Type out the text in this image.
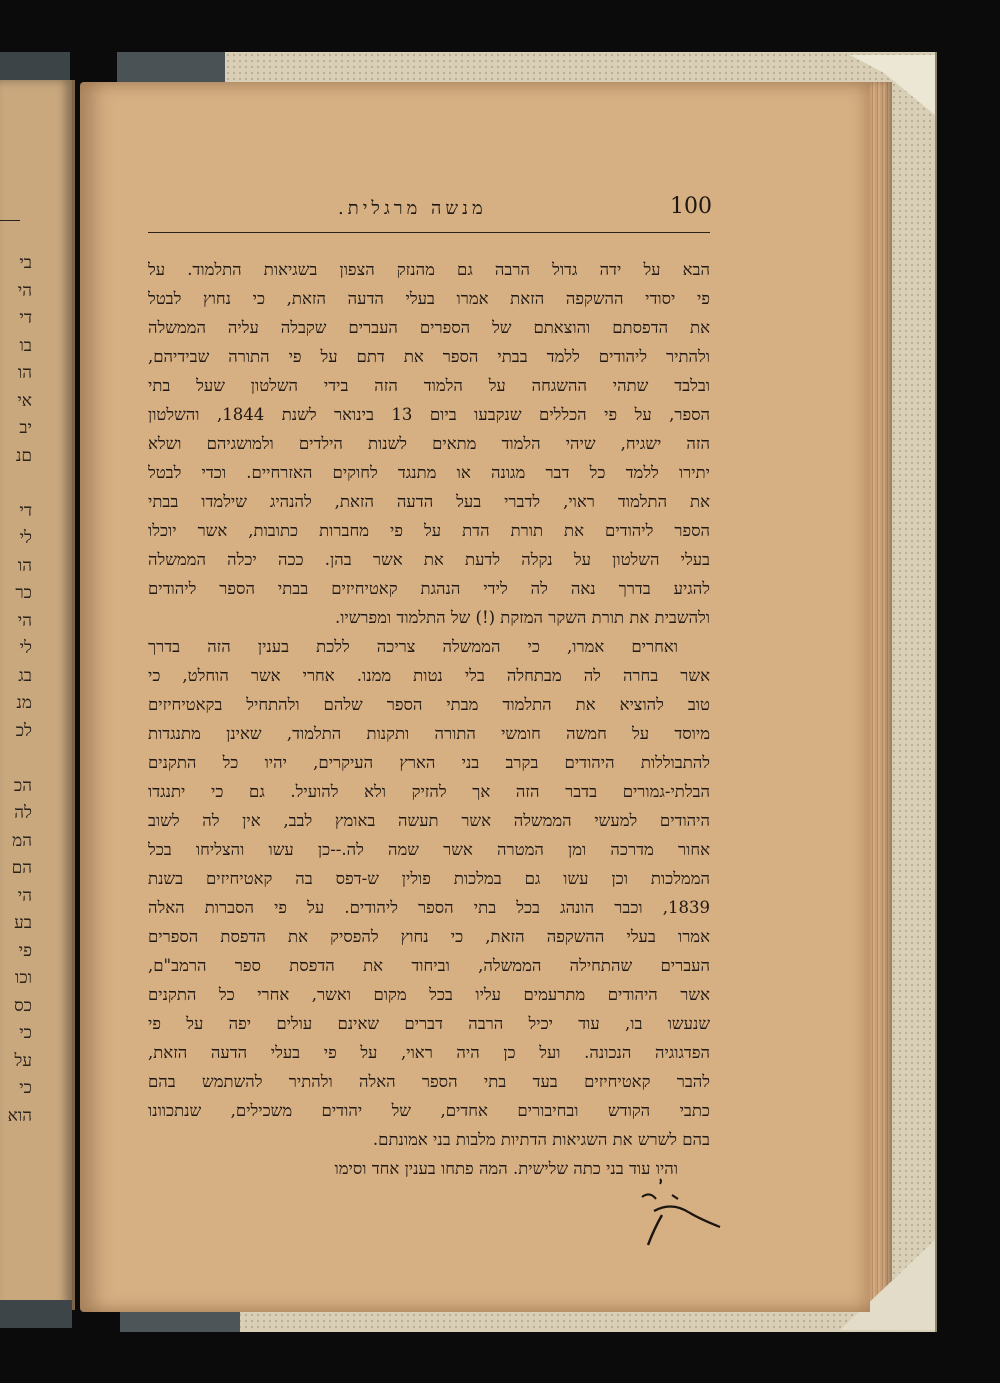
בי
הי
די
בו
הו
אי
יב
םנ
די
לי
הו
כר
הי
לי
בג
מנ
לכ
הכ
לה
המ
הם
הי
בע
פי
וכו
כס
כי
על
כי
הוא
100
מנשה מרגלית.
הבא על ידה גדול הרבה גם מהנזק הצפון בשגיאות התלמוד. על
פי יסודי ההשקפה הזאת אמרו בעלי הדעה הזאת, כי נחוץ לבטל
את הדפסתם והוצאתם של הספרים העברים שקבלה עליה הממשלה
ולהתיר ליהודים ללמד בבתי הספר את דתם על פי התורה שבידיהם,
ובלבד שתהי ההשגחה על הלמוד הזה בידי השלטון שעל בתי
הספר, על פי הכללים שנקבעו ביום 13 בינואר לשנת 1844, והשלטון
הזה ישגיח, שיהי הלמוד מתאים לשנות הילדים ולמושגיהם ושלא
יתירו ללמד כל דבר מגונה או מתנגד לחוקים האזרחיים. וכדי לבטל
את התלמוד ראוי, לדברי בעל הדעה הזאת, להנהיג שילמדו בבתי
הספר ליהודים את תורת הדת על פי מחברות כתובות, אשר יוכלו
בעלי השלטון על נקלה לדעת את אשר בהן. ככה יכלה הממשלה
להגיע בדרך נאה לה לידי הנהגת קאטיחיזים בבתי הספר ליהודים
ולהשבית את תורת השקר המזקת (!) של התלמוד ומפרשיו.
ואחרים אמרו, כי הממשלה צריכה ללכת בענין הזה בדרך
אשר בחרה לה מבתחלה בלי נטות ממנו. אחרי אשר הוחלט, כי
טוב להוציא את התלמוד מבתי הספר שלהם ולהתחיל בקאטיחיזים
מיוסד על חמשה חומשי התורה ותקנות התלמוד, שאינן מתנגדות
להתבוללות היהודים בקרב בני הארץ העיקרים, יהיו כל התקנים
הבלתי-גמורים בדבר הזה אך להזיק ולא להועיל. גם כי יתנגדו
היהודים למעשי הממשלה אשר תעשה באומץ לבב, אין לה לשוב
אחור מדרכה ומן המטרה אשר שמה לה.--כן עשו והצליחו בכל
הממלכות וכן עשו גם במלכות פולין ש-דפס בה קאטיחיזים בשנת
1839, וכבר הונהג בכל בתי הספר ליהודים. על פי הסברות האלה
אמרו בעלי ההשקפה הזאת, כי נחוץ להפסיק את הדפסת הספרים
העברים שהתחילה הממשלה, וביחוד את הדפסת ספר הרמב"ם,
אשר היהודים מתרעמים עליו בכל מקום ואשר, אחרי כל התקנים
שנעשו בו, עוד יכיל הרבה דברים שאינם עולים יפה על פי
הפדגוגיה הנכונה. ועל כן היה ראוי, על פי בעלי הדעה הזאת,
להבר קאטיחיזים בעד בתי הספר האלה ולהתיר להשתמש בהם
כתבי הקודש ובחיבורים אחדים, של יהודים משכילים, שנתכוונו
בהם לשרש את השגיאות הדתיות מלבות בני אמונתם.
והיו עוד בני כתה שלישית. המה פתחו בענין אחד וסימו
